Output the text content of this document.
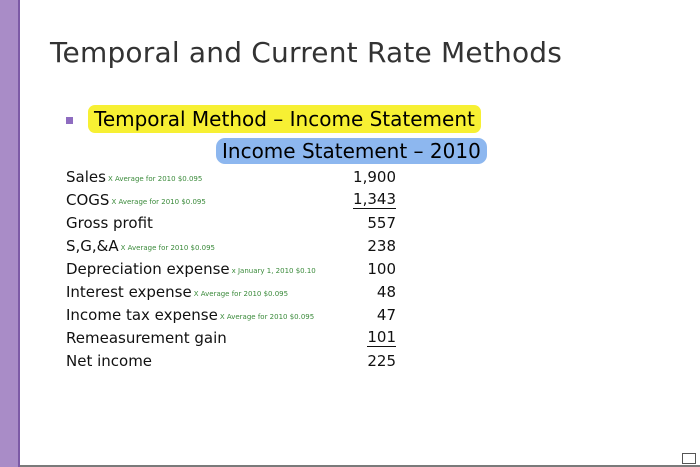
Temporal and Current Rate Methods
Temporal Method – Income Statement
Income Statement – 2010
Sales X Average for 2010 $0.095	1,900
COGS X Average for 2010 $0.095	1,343
Gross profit	557
S,G,&A X Average for 2010 $0.095	238
Depreciation expense x January 1, 2010 $0.10	100
Interest expense X Average for 2010 $0.095	48
Income tax expense X Average for 2010 $0.095	47
Remeasurement gain	101
Net income	225
